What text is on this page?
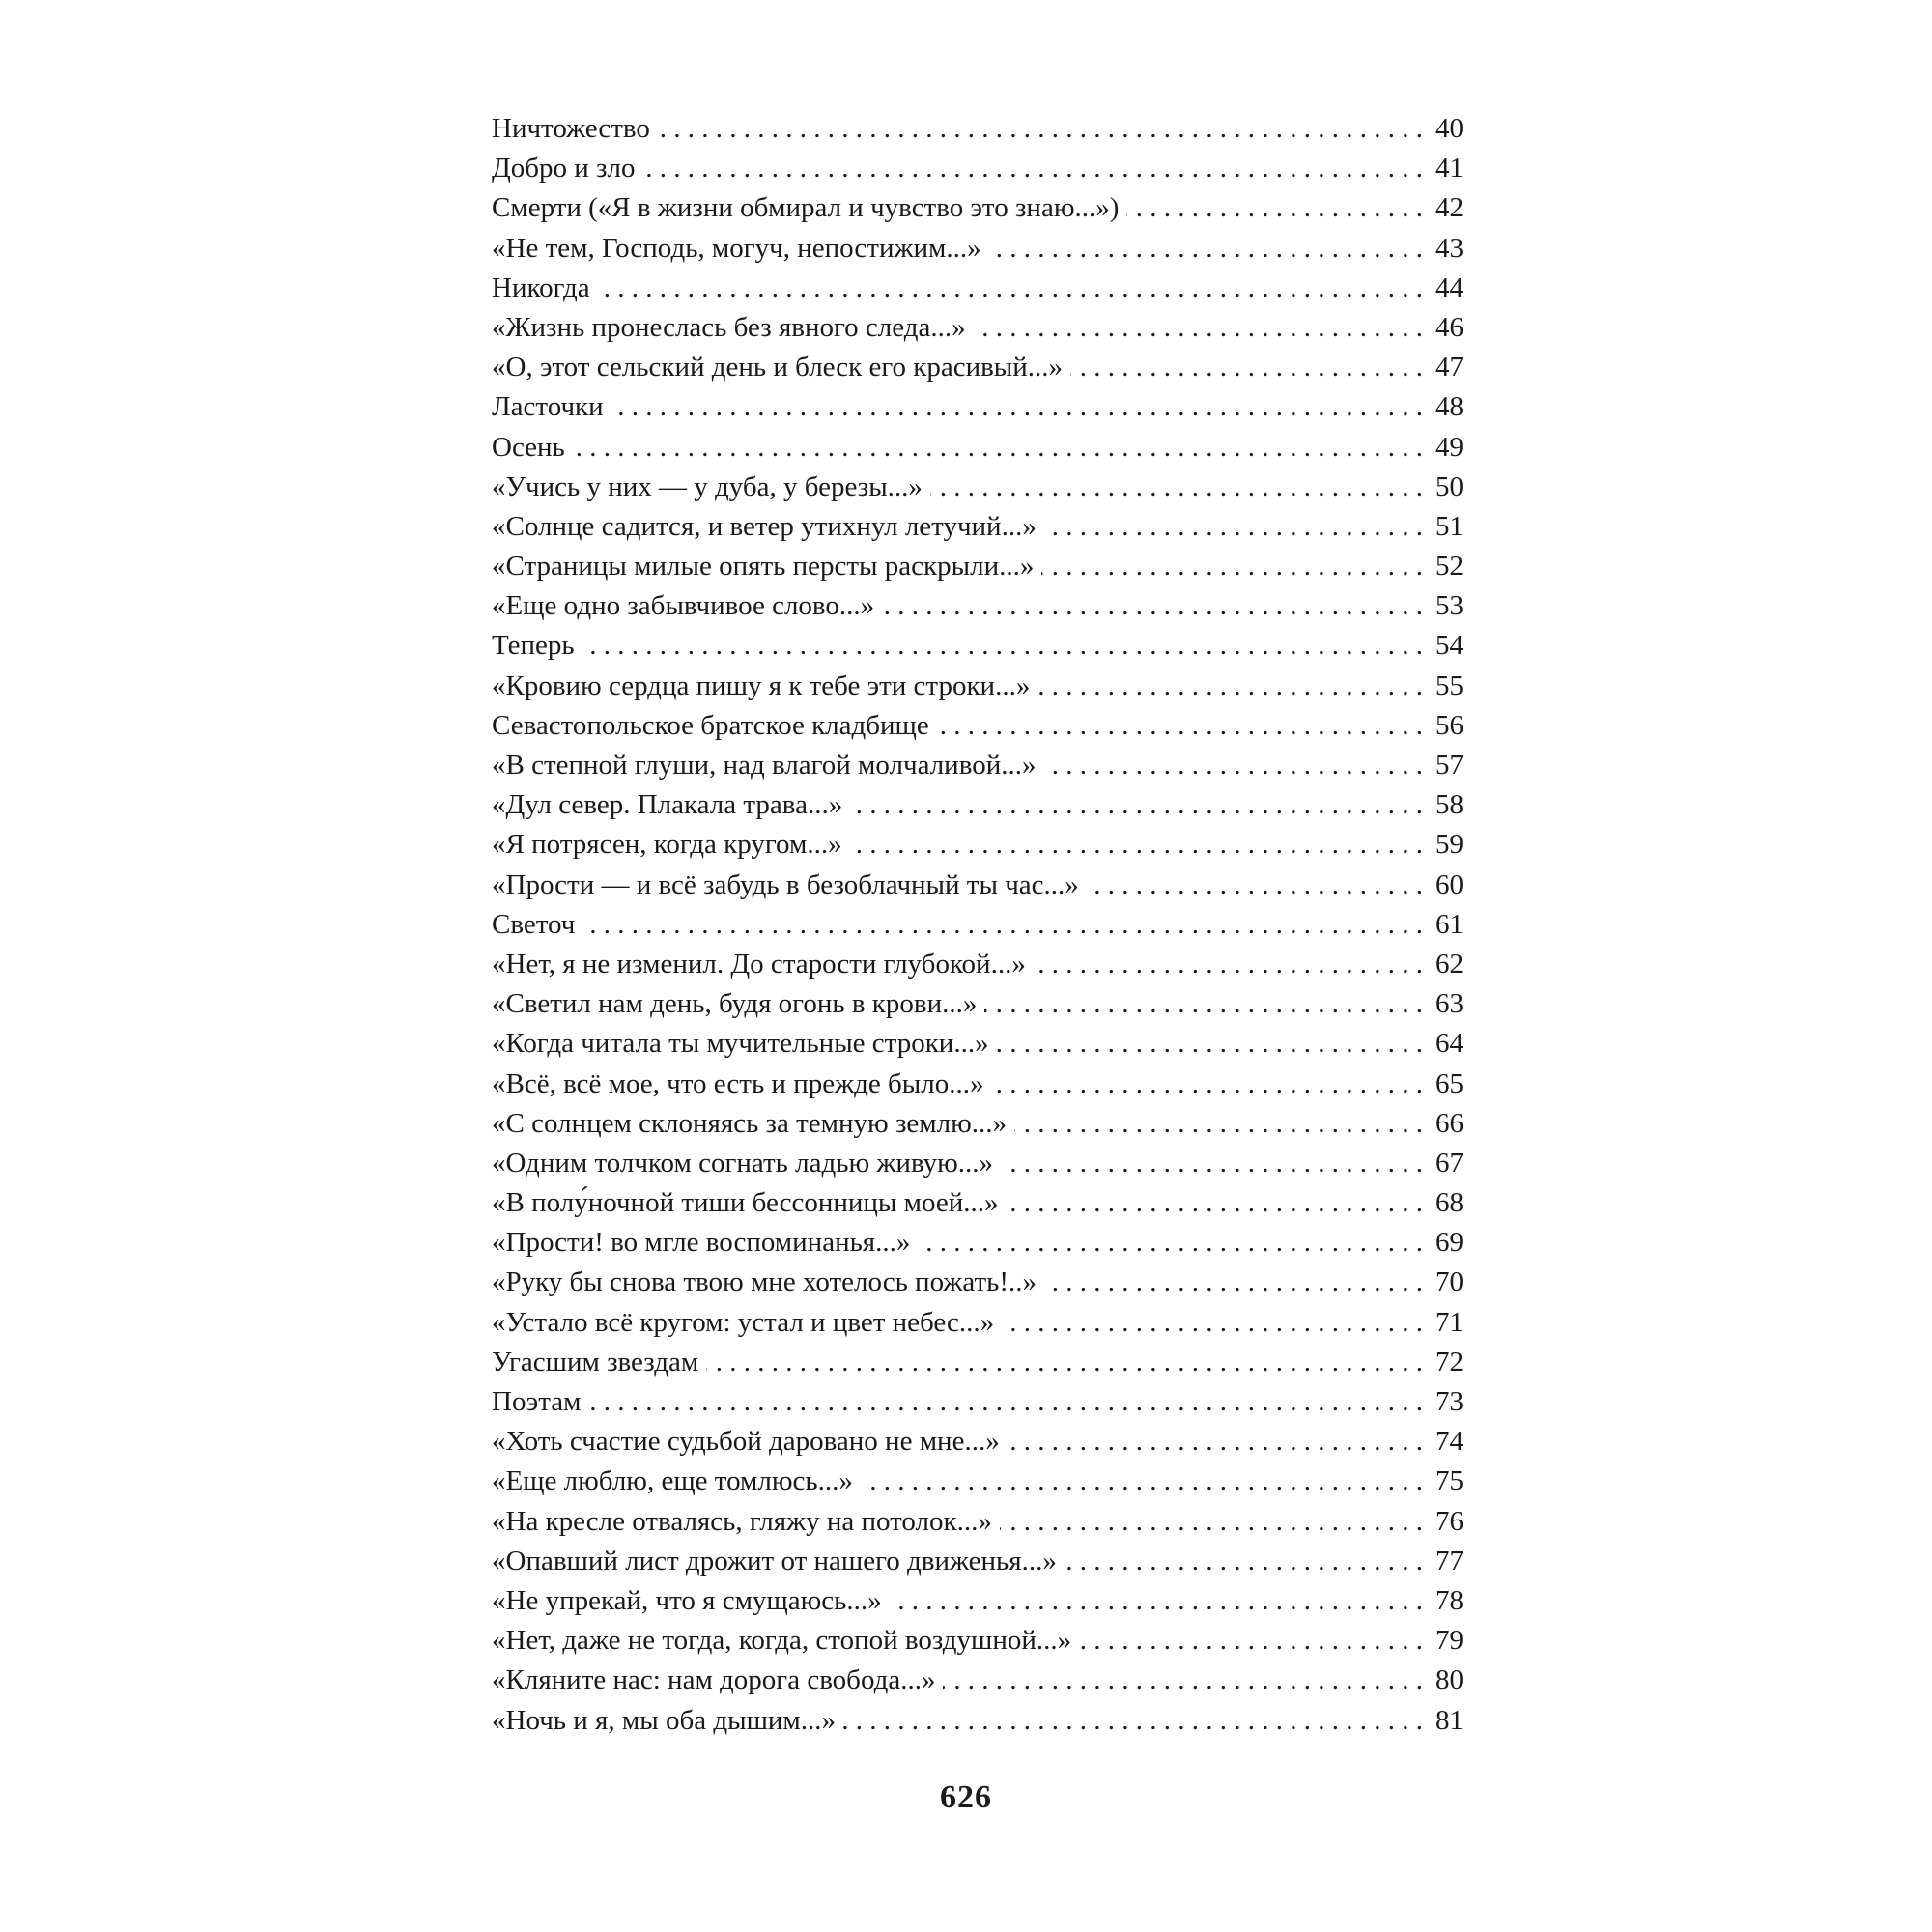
Ничтожество . . .	40
Добро и зло . . .	41
Смерти («Я в жизни обмирал и чувство это знаю...») . . .	42
«Не тем, Господь, могуч, непостижим...» . . .	43
Никогда . . .	44
«Жизнь пронеслась без явного следа...» . . .	46
«О, этот сельский день и блеск его красивый...» . . .	47
Ласточки . . .	48
Осень . . .	49
«Учись у них — у дуба, у березы...» . . .	50
«Солнце садится, и ветер утихнул летучий...» . . .	51
«Страницы милые опять персты раскрыли...» . . .	52
«Еще одно забывчивое слово...» . . .	53
Теперь . . .	54
«Кровию сердца пишу я к тебе эти строки...» . . .	55
Севастопольское братское кладбище . . .	56
«В степной глуши, над влагой молчаливой...» . . .	57
«Дул север. Плакала трава...» . . .	58
«Я потрясен, когда кругом...» . . .	59
«Прости — и всё забудь в безоблачный ты час...» . . .	60
Светоч . . .	61
«Нет, я не изменил. До старости глубокой...» . . .	62
«Светил нам день, будя огонь в крови...» . . .	63
«Когда читала ты мучительные строки...» . . .	64
«Всё, всё мое, что есть и прежде было...» . . .	65
«С солнцем склоняясь за темную землю...» . . .	66
«Одним толчком согнать ладью живую...» . . .	67
«В полу́ночной тиши бессонницы моей...» . . .	68
«Прости! во мгле воспоминанья...» . . .	69
«Руку бы снова твою мне хотелось пожать!..» . . .	70
«Устало всё кругом: устал и цвет небес...» . . .	71
Угасшим звездам . . .	72
Поэтам . . .	73
«Хоть счастие судьбой даровано не мне...» . . .	74
«Еще люблю, еще томлюсь...» . . .	75
«На кресле отвалясь, гляжу на потолок...» . . .	76
«Опавший лист дрожит от нашего движенья...» . . .	77
«Не упрекай, что я смущаюсь...» . . .	78
«Нет, даже не тогда, когда, стопой воздушной...» . . .	79
«Кляните нас: нам дорога свобода...» . . .	80
«Ночь и я, мы оба дышим...» . . .	81
626
